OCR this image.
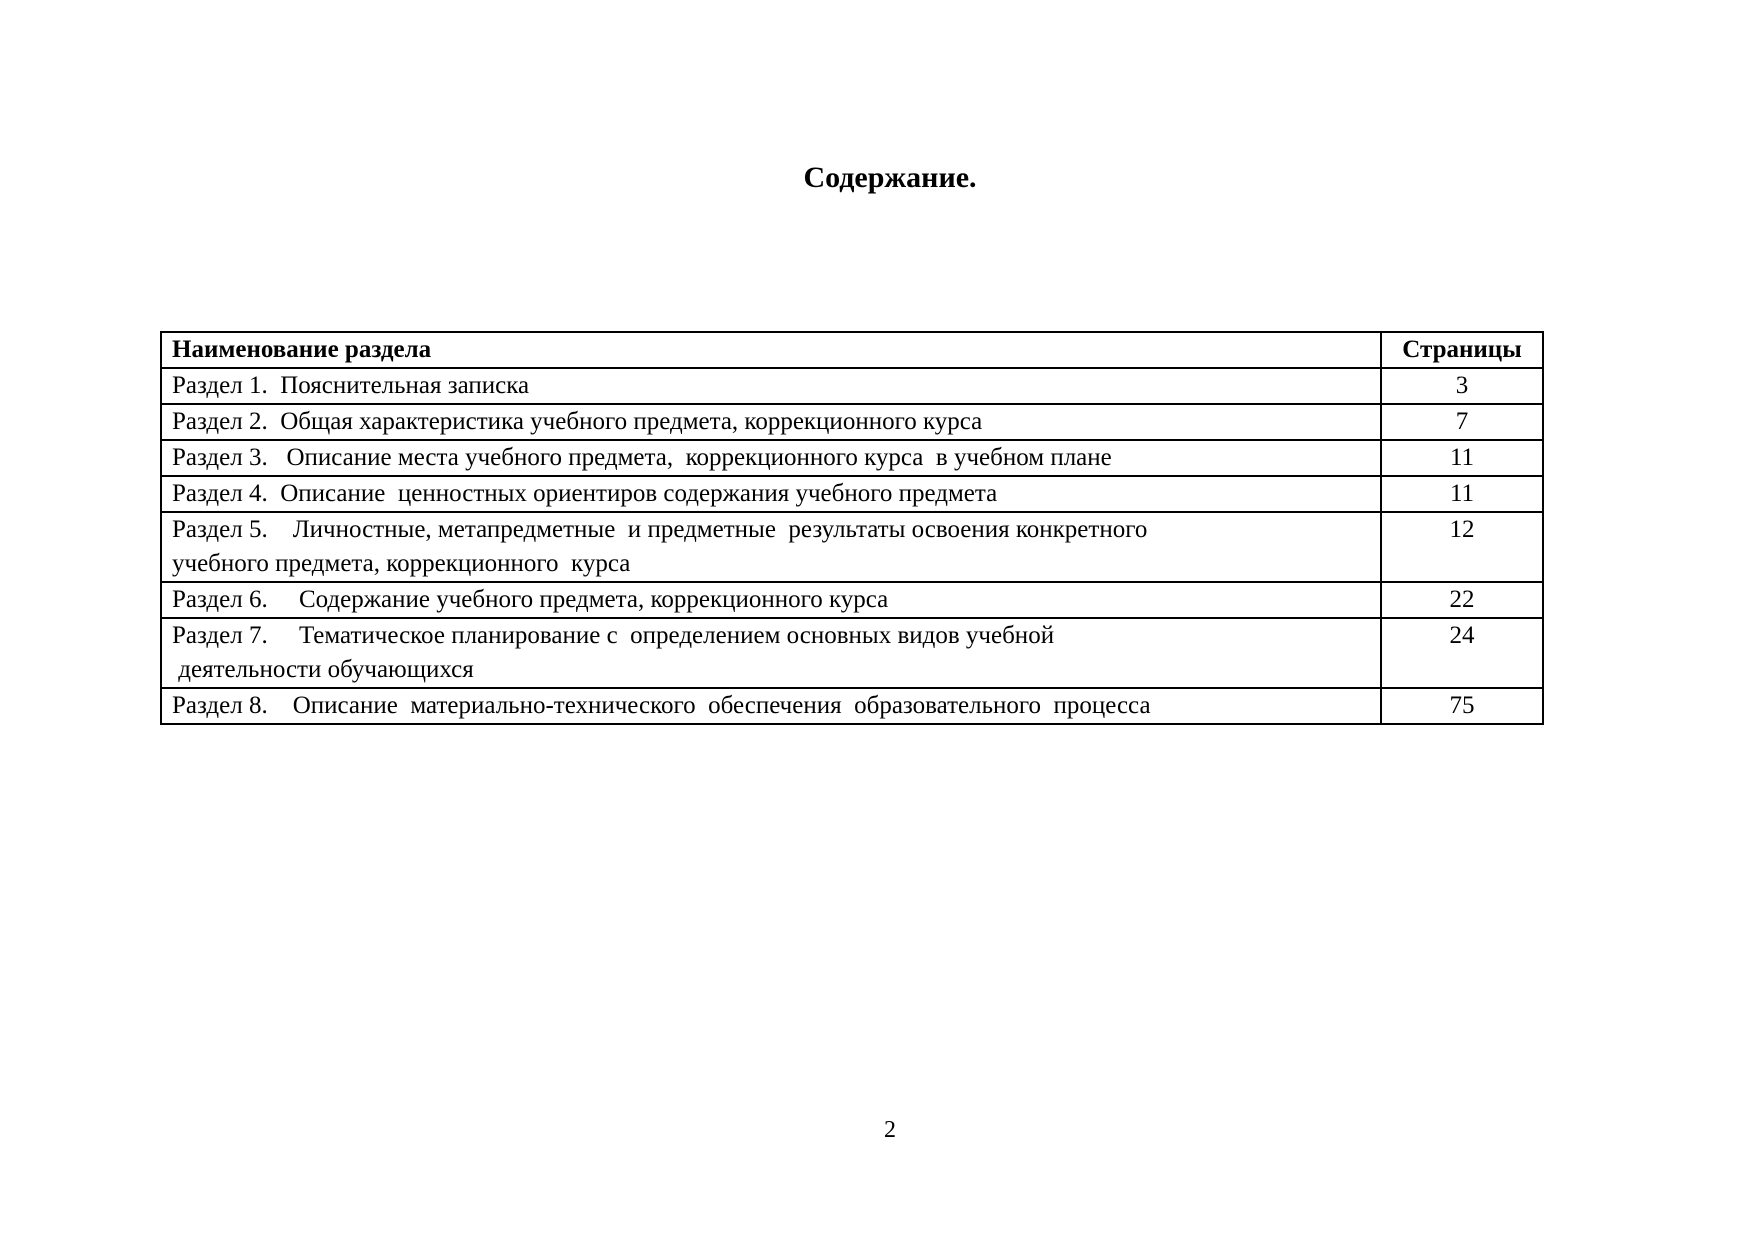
Содержание.
Наименование раздела	Страницы
Раздел 1.  Пояснительная записка	3
Раздел 2.  Общая характеристика учебного предмета, коррекционного курса	7
Раздел 3.   Описание места учебного предмета,  коррекционного курса  в учебном плане	11
Раздел 4.  Описание  ценностных ориентиров содержания учебного предмета	11
Раздел 5.    Личностные, метапредметные  и предметные  результаты освоения конкретного
учебного предмета, коррекционного  курса	12
Раздел 6.     Содержание учебного предмета, коррекционного курса	22
Раздел 7.     Тематическое планирование с  определением основных видов учебной
деятельности обучающихся	24
Раздел 8.    Описание  материально-технического  обеспечения  образовательного  процесса	75
2
